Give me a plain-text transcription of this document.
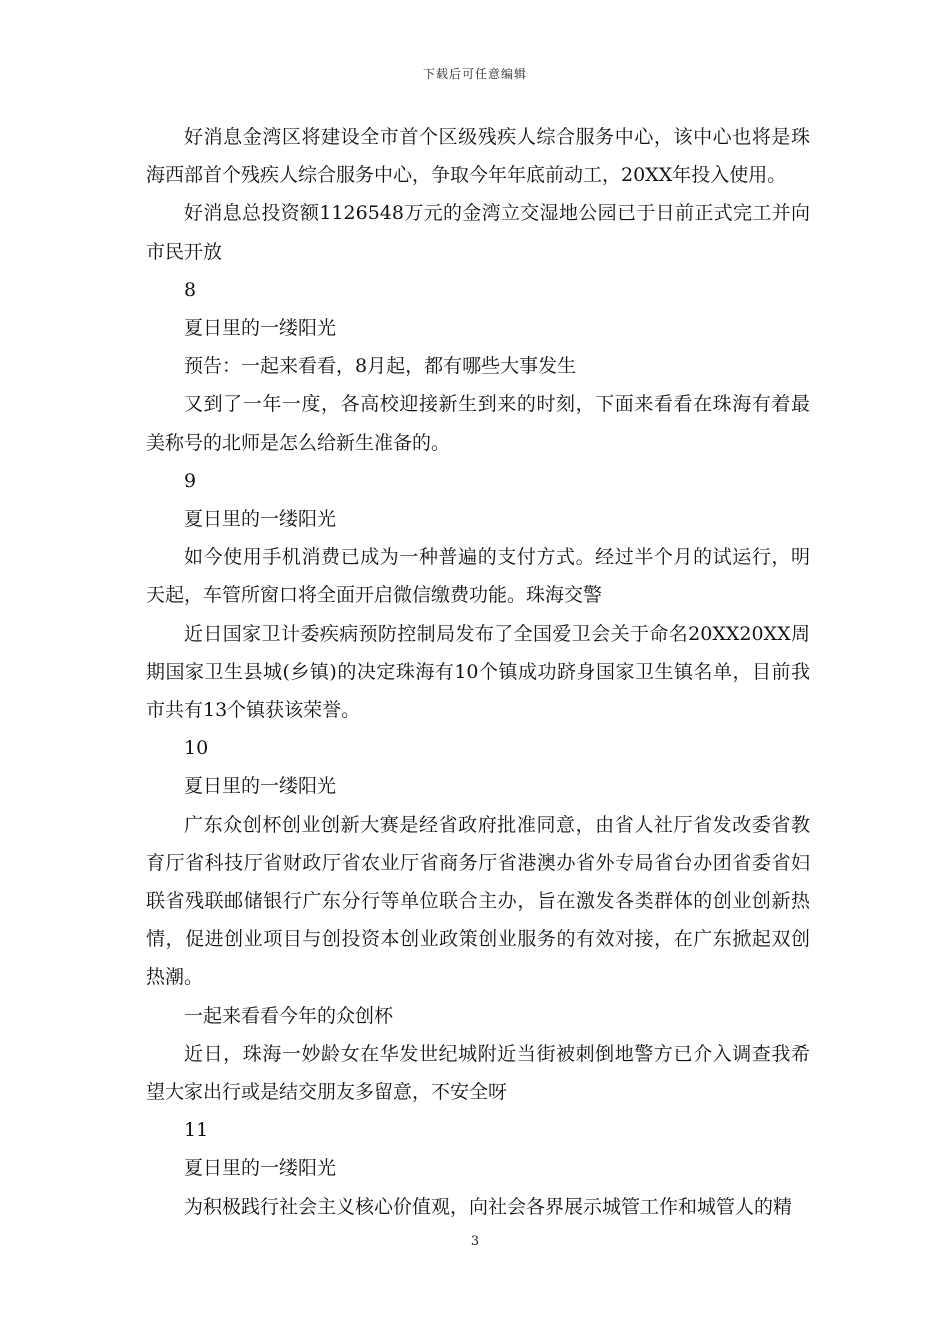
下载后可任意编辑

好消息金湾区将建设全市首个区级残疾人综合服务中心，该中心也将是珠海西部首个残疾人综合服务中心，争取今年年底前动工，20XX年投入使用。

好消息总投资额1126548万元的金湾立交湿地公园已于日前正式完工并向市民开放

8

夏日里的一缕阳光

预告：一起来看看，8月起，都有哪些大事发生

又到了一年一度，各高校迎接新生到来的时刻，下面来看看在珠海有着最美称号的北师是怎么给新生准备的。

9

夏日里的一缕阳光

如今使用手机消费已成为一种普遍的支付方式。经过半个月的试运行，明天起，车管所窗口将全面开启微信缴费功能。珠海交警

近日国家卫计委疾病预防控制局发布了全国爱卫会关于命名20XX20XX周期国家卫生县城(乡镇)的决定珠海有10个镇成功跻身国家卫生镇名单，目前我市共有13个镇获该荣誉。

10

夏日里的一缕阳光

广东众创杯创业创新大赛是经省政府批准同意，由省人社厅省发改委省教育厅省科技厅省财政厅省农业厅省商务厅省港澳办省外专局省台办团省委省妇联省残联邮储银行广东分行等单位联合主办，旨在激发各类群体的创业创新热情，促进创业项目与创投资本创业政策创业服务的有效对接，在广东掀起双创热潮。

一起来看看今年的众创杯

近日，珠海一妙龄女在华发世纪城附近当街被刺倒地警方已介入调查我希望大家出行或是结交朋友多留意，不安全呀

11

夏日里的一缕阳光

为积极践行社会主义核心价值观，向社会各界展示城管工作和城管人的精

3
